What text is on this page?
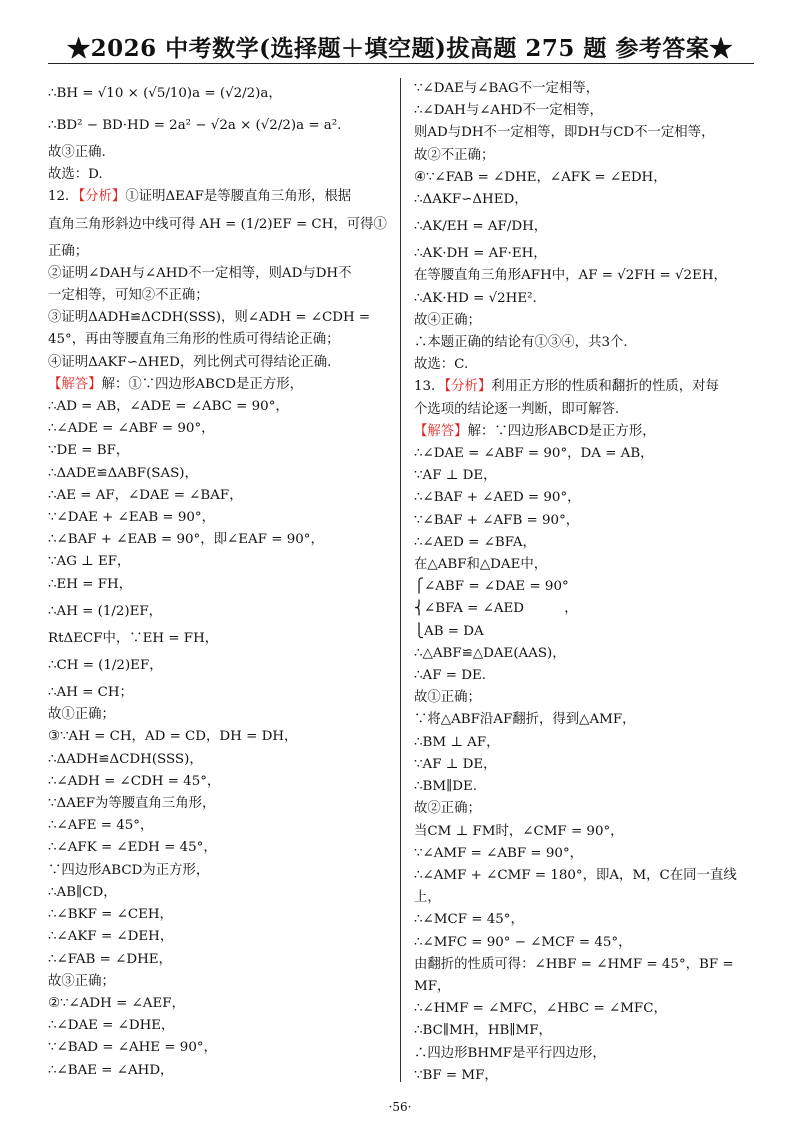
★2026 中考数学(选择题＋填空题)拔高题 275 题 参考答案★
∴BH = √10 × (√5/10)a = (√2/2)a，
∴BD² − BD·HD = 2a² − √2a × (√2/2)a = a².
故③正确.
故选：D.
12．【分析】①证明ΔEAF是等腰直角三角形，根据
直角三角形斜边中线可得 AH = (1/2)EF = CH，可得①
正确；
②证明∠DAH与∠AHD不一定相等，则AD与DH不
一定相等，可知②不正确；
③证明ΔADH≌ΔCDH(SSS)，则∠ADH = ∠CDH =
45°，再由等腰直角三角形的性质可得结论正确；
④证明ΔAKF∽ΔHED，列比例式可得结论正确.
【解答】解：①∵四边形ABCD是正方形，
∴AD = AB，∠ADE = ∠ABC = 90°，
∴∠ADE = ∠ABF = 90°，
∵DE = BF，
∴ΔADE≌ΔABF(SAS)，
∴AE = AF，∠DAE = ∠BAF，
∵∠DAE + ∠EAB = 90°，
∴∠BAF + ∠EAB = 90°，即∠EAF = 90°，
∵AG ⊥ EF，
∴EH = FH，
∴AH = (1/2)EF，
RtΔECF中，∵EH = FH，
∴CH = (1/2)EF，
∴AH = CH；
故①正确；
③∵AH = CH，AD = CD，DH = DH，
∴ΔADH≌ΔCDH(SSS)，
∴∠ADH = ∠CDH = 45°，
∵ΔAEF为等腰直角三角形，
∴∠AFE = 45°，
∴∠AFK = ∠EDH = 45°，
∵四边形ABCD为正方形，
∴AB∥CD，
∴∠BKF = ∠CEH，
∴∠AKF = ∠DEH，
∴∠FAB = ∠DHE，
故③正确；
②∵∠ADH = ∠AEF，
∴∠DAE = ∠DHE，
∵∠BAD = ∠AHE = 90°，
∴∠BAE = ∠AHD，
∵∠DAE与∠BAG不一定相等，
∴∠DAH与∠AHD不一定相等，
则AD与DH不一定相等，即DH与CD不一定相等，
故②不正确；
④∵∠FAB = ∠DHE，∠AFK = ∠EDH，
∴ΔAKF∽ΔHED，
∴AK/EH = AF/DH，
∴AK·DH = AF·EH，
在等腰直角三角形AFH中，AF = √2FH = √2EH，
∴AK·HD = √2HE².
故④正确；
∴本题正确的结论有①③④，共3个.
故选：C.
13．【分析】利用正方形的性质和翻折的性质，对每
个选项的结论逐一判断，即可解答.
【解答】解：∵四边形ABCD是正方形，
∴∠DAE = ∠ABF = 90°，DA = AB，
∵AF ⊥ DE，
∴∠BAF + ∠AED = 90°，
∵∠BAF + ∠AFB = 90°，
∴∠AED = ∠BFA，
在△ABF和△DAE中，
⎧∠ABF = ∠DAE = 90°
⎨∠BFA = ∠AED　　　，
⎩AB = DA
∴△ABF≌△DAE(AAS)，
∴AF = DE.
故①正确；
∵将△ABF沿AF翻折，得到△AMF，
∴BM ⊥ AF，
∵AF ⊥ DE，
∴BM∥DE.
故②正确；
当CM ⊥ FM时，∠CMF = 90°，
∵∠AMF = ∠ABF = 90°，
∴∠AMF + ∠CMF = 180°，即A，M，C在同一直线
上，
∴∠MCF = 45°，
∴∠MFC = 90° − ∠MCF = 45°，
由翻折的性质可得：∠HBF = ∠HMF = 45°，BF =
MF，
∴∠HMF = ∠MFC，∠HBC = ∠MFC，
∴BC∥MH，HB∥MF，
∴四边形BHMF是平行四边形，
∵BF = MF，
·56·
